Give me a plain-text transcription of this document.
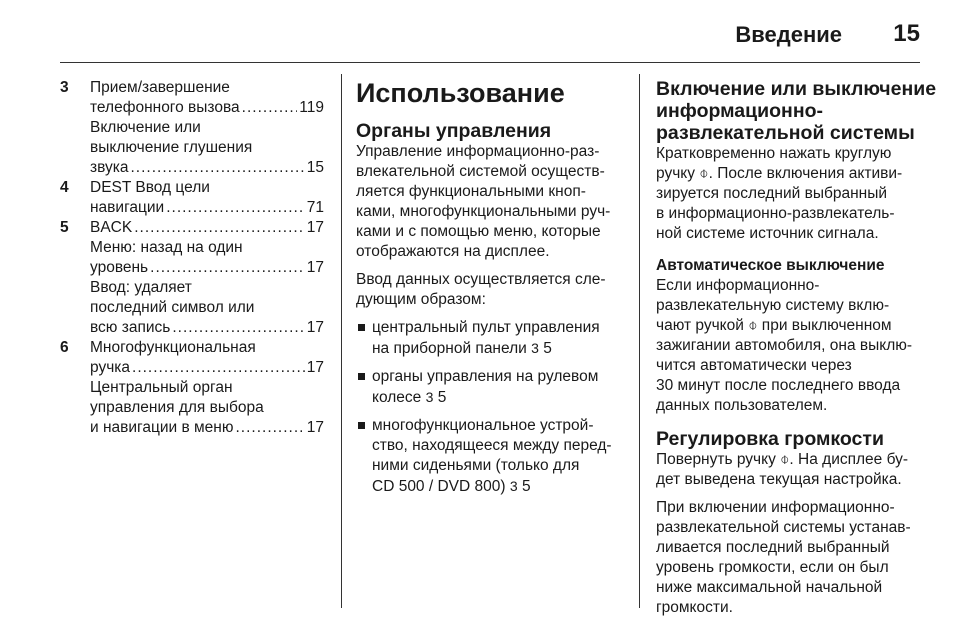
Введение 15
3 Прием/завершение
телефонного вызова .....	119
Включение или
выключение глушения
звука .....	15
4 DEST Ввод цели
навигации .....	71
5 BACK .....	17
Меню: назад на один
уровень .....	17
Ввод: удаляет
последний символ или
всю запись .....	17
6 Многофункциональная
ручка .....	17
Центральный орган
управления для выбора
и навигации в меню .....	17
Использование
Органы управления

Управление информационно-раз-
влекательной системой осуществ-
ляется функциональными кноп-
ками, многофункциональными руч-
ками и с помощью меню, которые
отображаются на дисплее.

Ввод данных осуществляется сле-
дующим образом:

центральный пульт управления
на приборной панели 3 5
органы управления на рулевом
колесе 3 5
многофункциональное устрой-
ство, находящееся между перед-
ними сиденьями (только для
CD 500 / DVD 800) 3 5
Включение или выключение
информационно-
развлекательной системы

Кратковременно нажать круглую
ручку ⌽. После включения активи-
зируется последний выбранный
в информационно-развлекатель-
ной системе источник сигнала.

Автоматическое выключение

Если информационно-
развлекательную систему вклю-
чают ручкой ⌽ при выключенном
зажигании автомобиля, она выклю-
чится автоматически через
30 минут после последнего ввода
данных пользователем.

Регулировка громкости

Повернуть ручку ⌽. На дисплее бу-
дет выведена текущая настройка.

При включении информационно-
развлекательной системы устанав-
ливается последний выбранный
уровень громкости, если он был
ниже максимальной начальной
громкости.
